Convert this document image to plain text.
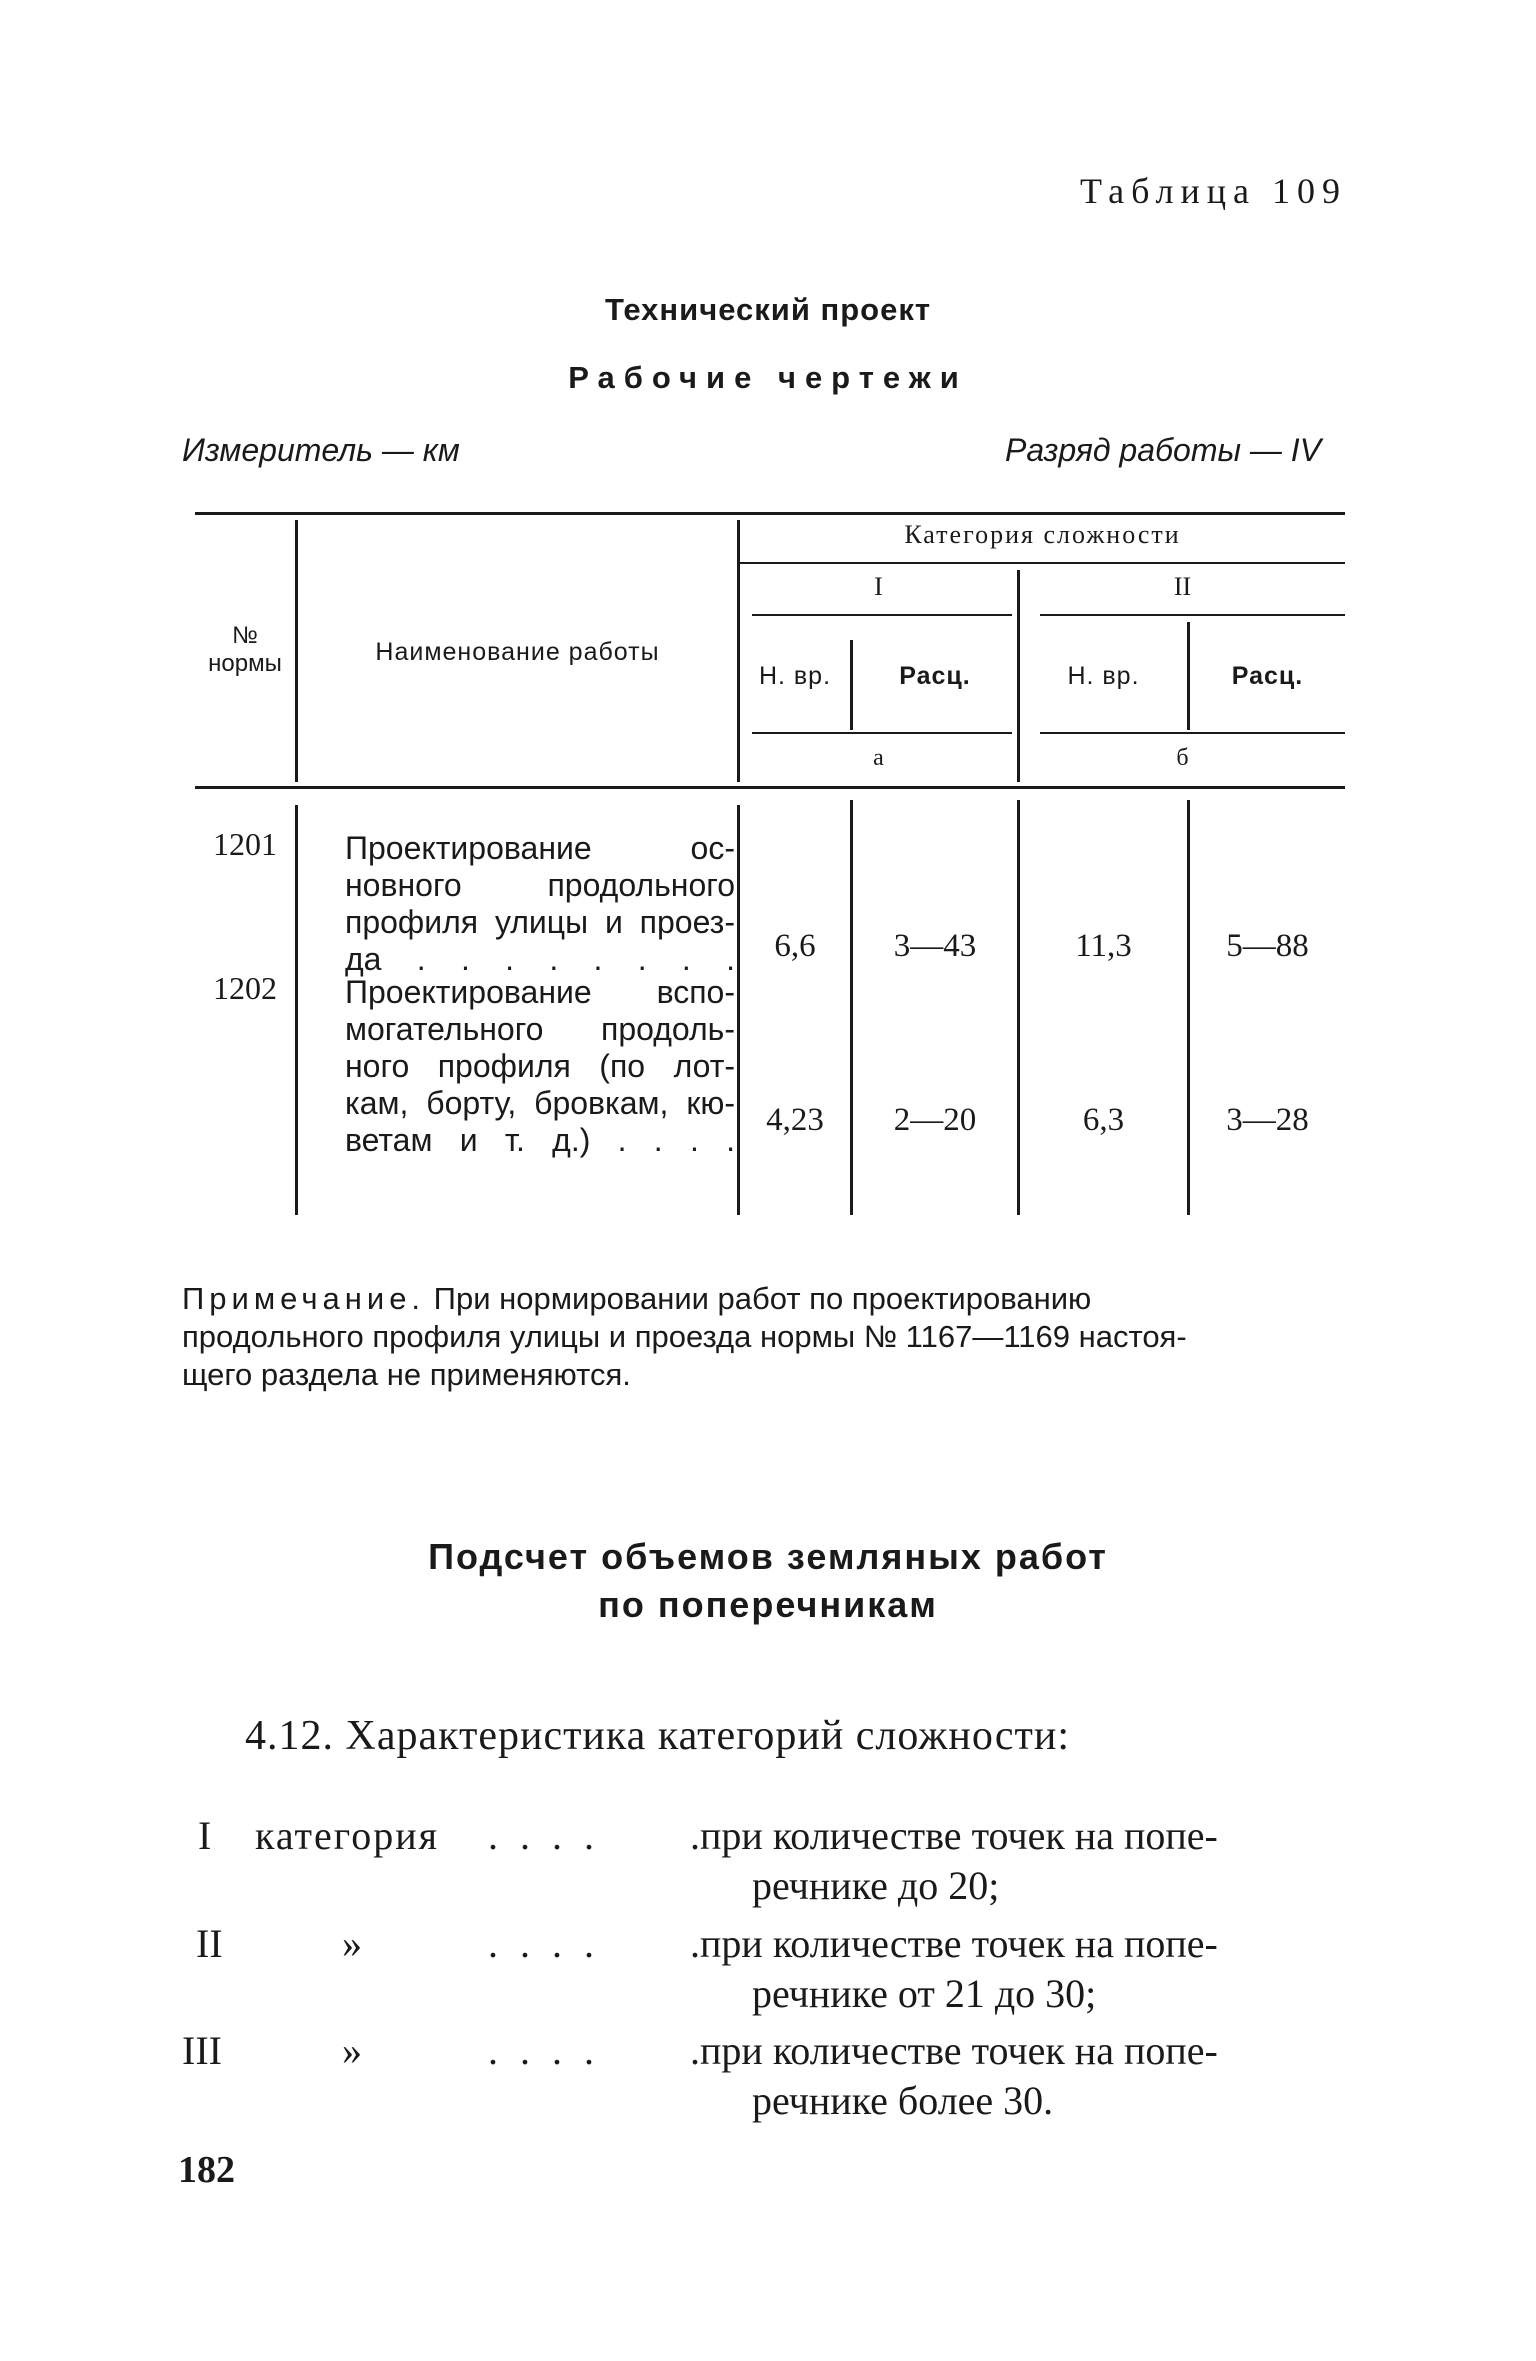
Таблица 109
Технический проект
Рабочие чертежи
Измеритель — км	Разряд работы — IV
№
нормы	Наименование работы
Категория сложности
I	II
Н. вр.	Расц.	Н. вр.	Расц.
а	б
1201	Проектирование ос-
новного продольного
профиля улицы и проез-
да . . . . . . . .	6,6	3—43	11,3	5—88
1202	Проектирование вспо-
могательного продоль-
ного профиля (по лот-
кам, борту, бровкам, кю-
ветам и т. д.) . . . .
4,23	2—20	6,3	3—28
Примечание. При нормировании работ по проектированию
продольного профиля улицы и проезда нормы № 1167—1169 настоя-
щего раздела не применяются.
Подсчет объемов земляных работ
по поперечникам
4.12. Характеристика категорий сложности:
I категория . . . . .при количестве точек на попе-
речнике до 20;
II	»	. . . . .при количестве точек на попе-
речнике от 21 до 30;
III	»	. . . . .при количестве точек на попе-
речнике более 30.
182
